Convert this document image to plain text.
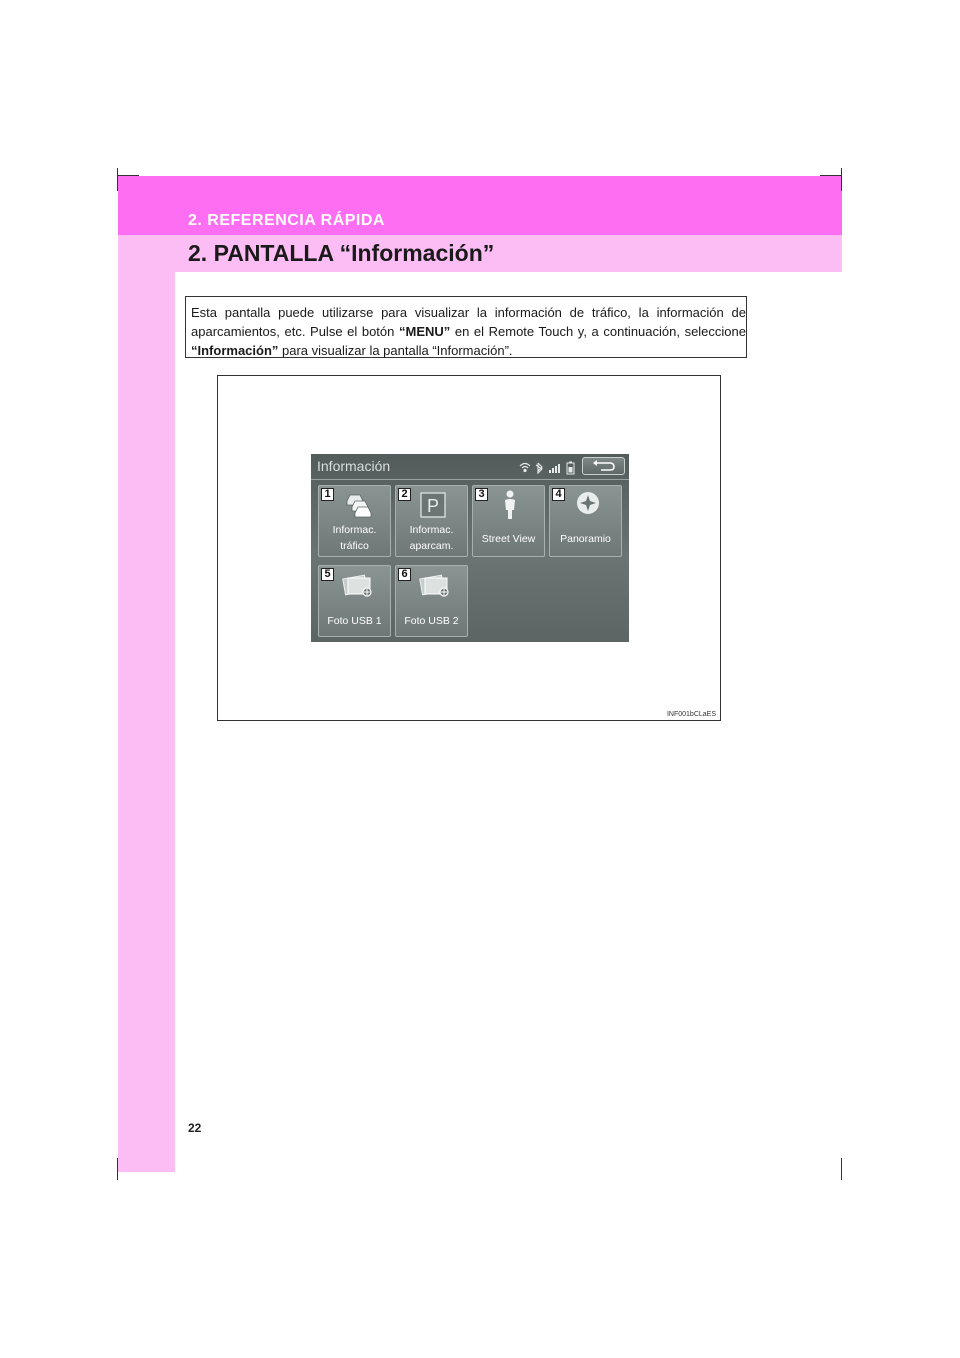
2. REFERENCIA RÁPIDA
2. PANTALLA “Información”
Esta pantalla puede utilizarse para visualizar la información de tráfico, la información de aparcamientos, etc. Pulse el botón “MENU” en el Remote Touch y, a continuación, seleccione “Información” para visualizar la pantalla “Información”.
Información
Informac.
tráfico
1
P
Informac.
aparcam.
2
Street View
3
Panoramio
4
Foto USB 1
5
Foto USB 2
6
INF001bCLaES
22
